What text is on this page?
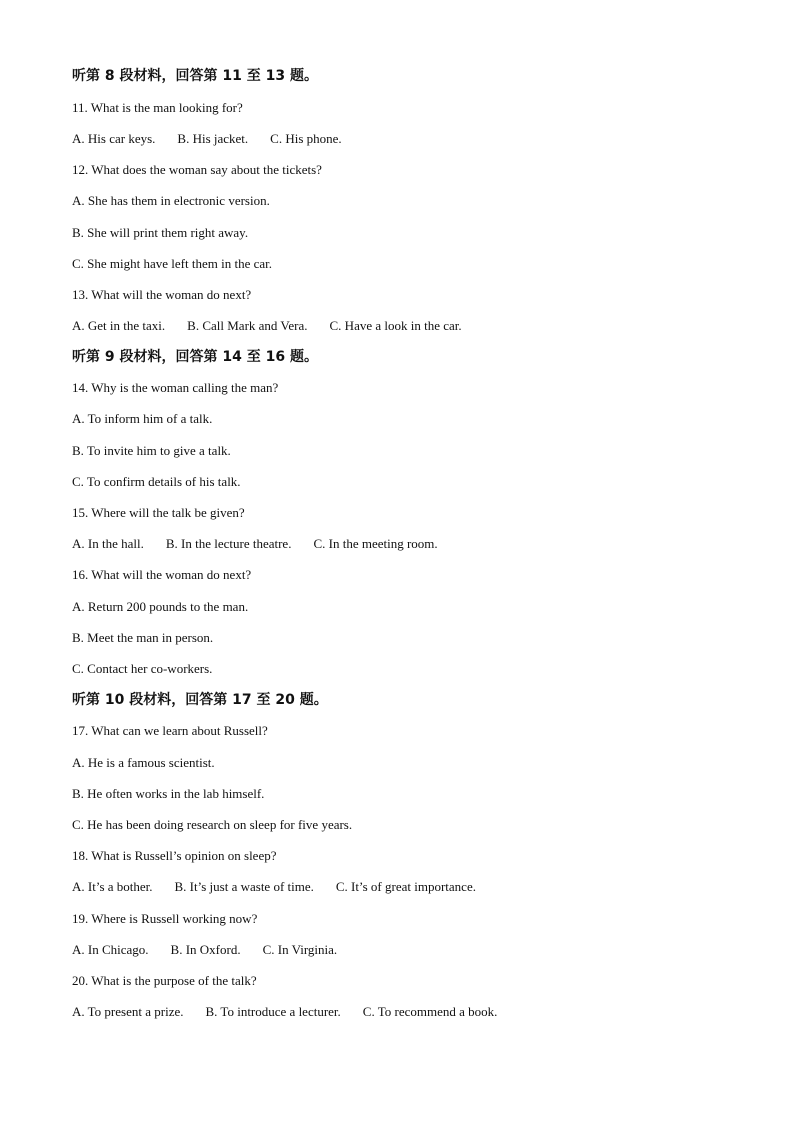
听第 8 段材料，回答第 11 至 13 题。
11. What is the man looking for?
A. His car keys. B. His jacket. C. His phone.
12. What does the woman say about the tickets?
A. She has them in electronic version.
B. She will print them right away.
C. She might have left them in the car.
13. What will the woman do next?
A. Get in the taxi. B. Call Mark and Vera. C. Have a look in the car.
听第 9 段材料，回答第 14 至 16 题。
14. Why is the woman calling the man?
A. To inform him of a talk.
B. To invite him to give a talk.
C. To confirm details of his talk.
15. Where will the talk be given?
A. In the hall. B. In the lecture theatre. C. In the meeting room.
16. What will the woman do next?
A. Return 200 pounds to the man.
B. Meet the man in person.
C. Contact her co-workers.
听第 10 段材料，回答第 17 至 20 题。
17. What can we learn about Russell?
A. He is a famous scientist.
B. He often works in the lab himself.
C. He has been doing research on sleep for five years.
18. What is Russell’s opinion on sleep?
A. It’s a bother. B. It’s just a waste of time. C. It’s of great importance.
19. Where is Russell working now?
A. In Chicago. B. In Oxford. C. In Virginia.
20. What is the purpose of the talk?
A. To present a prize. B. To introduce a lecturer. C. To recommend a book.
